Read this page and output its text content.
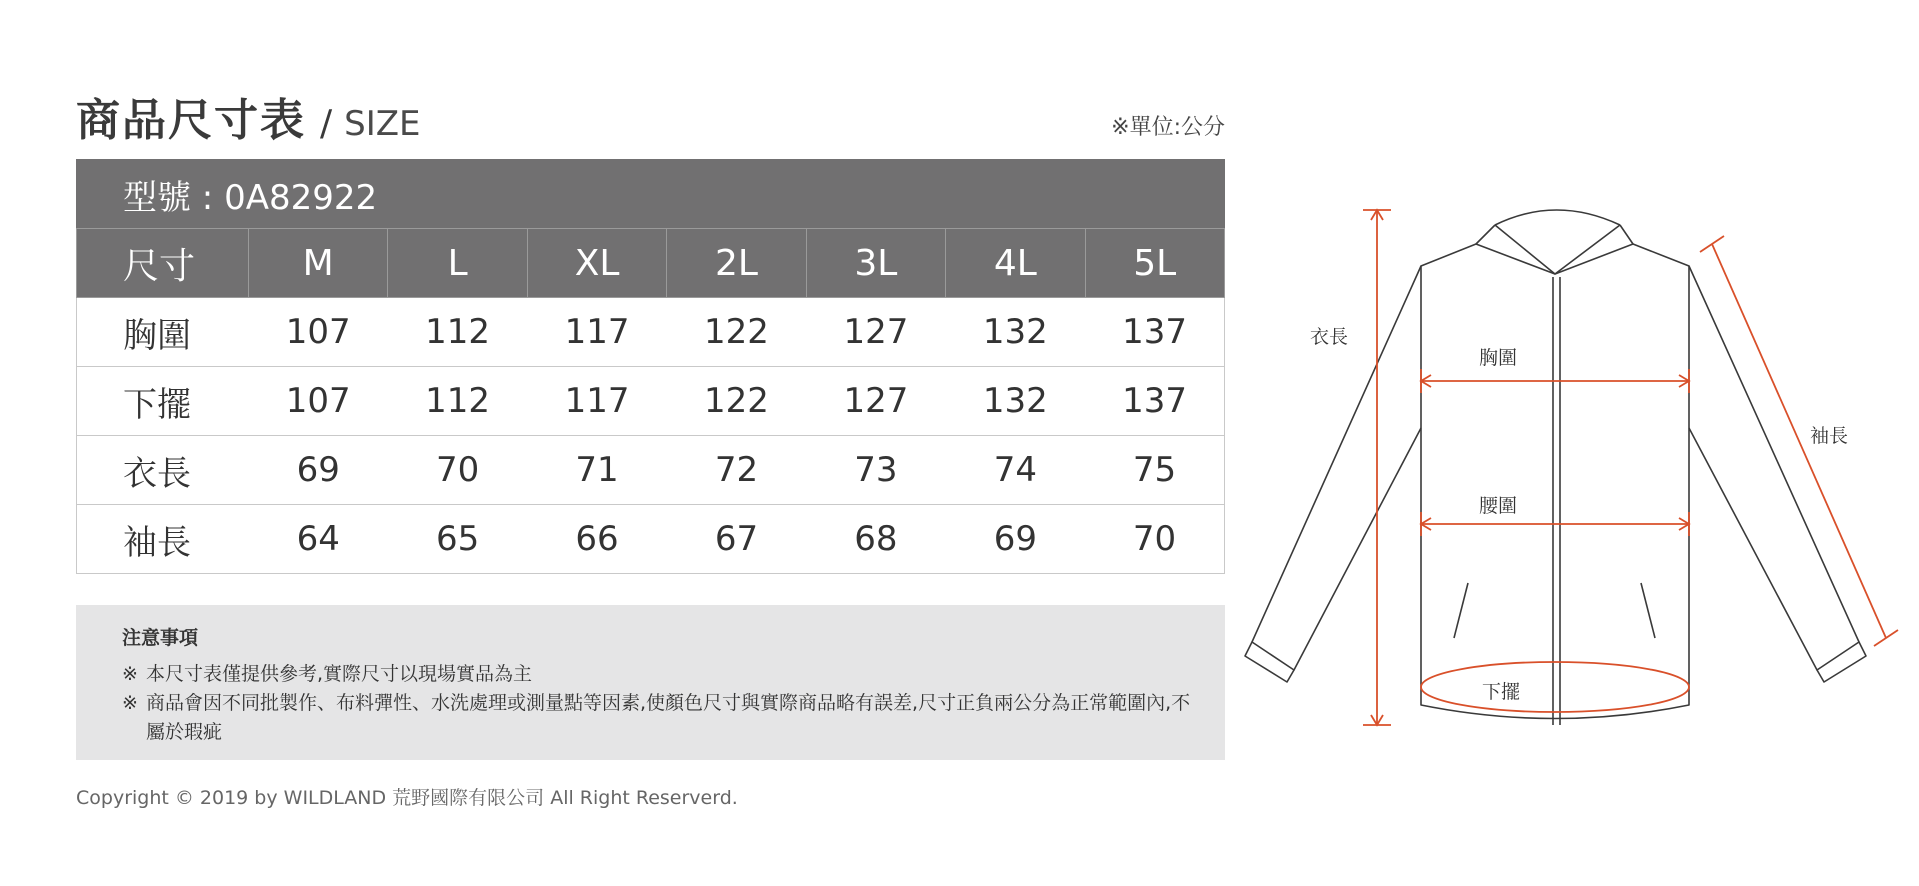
商品尺寸表 / SIZE	※單位:公分
型號 : 0A82922							
尺寸	M	L	XL	2L	3L	4L	5L
胸圍	107	112	117	122	127	132	137
下擺	107	112	117	122	127	132	137
衣長	69	70	71	72	73	74	75
袖長	64	65	66	67	68	69	70
注意事項
※ 本尺寸表僅提供參考,實際尺寸以現場實品為主
※ 商品會因不同批製作、布料彈性、水洗處理或測量點等因素,使顏色尺寸與實際商品略有誤差,尺寸正負兩公分為正常範圍內,不屬於瑕疵
Copyright © 2019 by WILDLAND 荒野國際有限公司 All Right Reserverd.
衣長
胸圍
腰圍
下擺
袖長
